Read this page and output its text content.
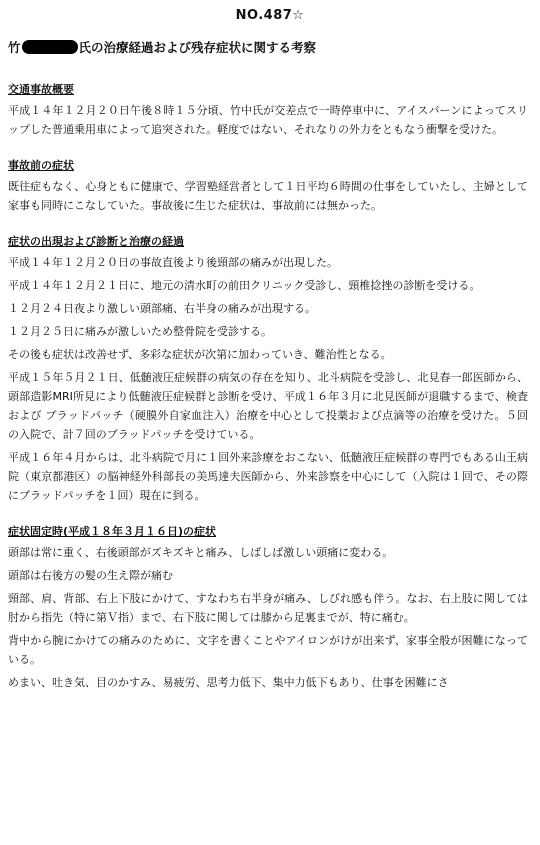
NO.487☆
竹	氏の治療経過および残存症状に関する考察
交通事故概要
平成１４年１２月２０日午後８時１５分頃、竹中氏が交差点で一時停車中に、アイスバーンによってスリップした普通乗用車によって追突された。軽度ではない、それなりの外力をともなう衝撃を受けた。
事故前の症状
既往症もなく、心身ともに健康で、学習塾経営者として１日平均６時間の仕事をしていたし、主婦として家事も同時にこなしていた。事故後に生じた症状は、事故前には無かった。
症状の出現および診断と治療の経過
平成１４年１２月２０日の事故直後より後頸部の痛みが出現した。
平成１４年１２月２１日に、地元の清水町の前田クリニック受診し、頸椎捻挫の診断を受ける。
１２月２４日夜より激しい頭部痛、右半身の痛みが出現する。
１２月２５日に痛みが激しいため整骨院を受診する。
その後も症状は改善せず、多彩な症状が次第に加わっていき、難治性となる。
平成１５年５月２１日、低髄液圧症候群の病気の存在を知り、北斗病院を受診し、北見春一郎医師から、頭部造影MRI所見により低髄液圧症候群と診断を受け、平成１６年３月に北見医師が退職するまで、検査および ブラッドパッチ（硬膜外自家血注入）治療を中心として投薬および点滴等の治療を受けた。５回の入院で、計７回のブラッドパッチを受けている。
平成１６年４月からは、北斗病院で月に１回外来診療をおこない、低髄液圧症候群の専門でもある山王病院（東京都港区）の脳神経外科部長の美馬達夫医師から、外来診察を中心にして（入院は１回で、その際にブラッドパッチを１回）現在に到る。
症状固定時(平成１８年３月１６日)の症状
頭部は常に重く、右後頭部がズキズキと痛み、しばしば激しい頭痛に変わる。
頭部は右後方の髪の生え際が痛む
頸部、肩、背部、右上下肢にかけて、すなわち右半身が痛み、しびれ感も伴う。なお、右上肢に関しては肘から指先（特に第Ｖ指）まで、右下肢に関しては膝から足裏までが、特に痛む。
背中から腕にかけての痛みのために、文字を書くことやアイロンがけが出来ず、家事全般が困難になっている。
めまい、吐き気、目のかすみ、易疲労、思考力低下、集中力低下もあり、仕事を困難にさ
